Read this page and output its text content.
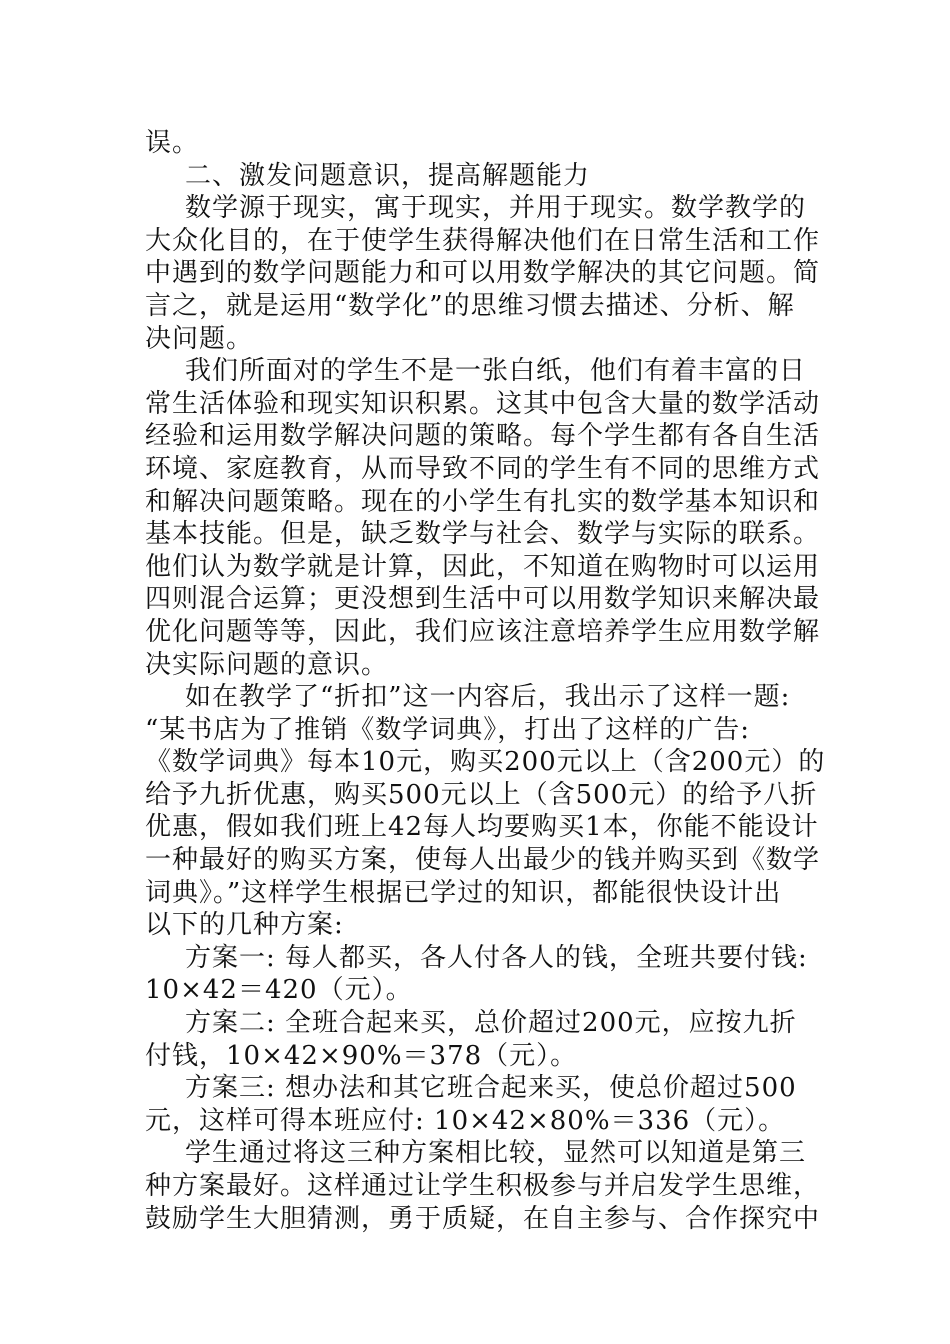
误。
二、激发问题意识，提高解题能力
数学源于现实，寓于现实，并用于现实。数学教学的
大众化目的，在于使学生获得解决他们在日常生活和工作
中遇到的数学问题能力和可以用数学解决的其它问题。简
言之，就是运用“数学化”的思维习惯去描述、分析、解
决问题。
我们所面对的学生不是一张白纸，他们有着丰富的日
常生活体验和现实知识积累。这其中包含大量的数学活动
经验和运用数学解决问题的策略。每个学生都有各自生活
环境、家庭教育，从而导致不同的学生有不同的思维方式
和解决问题策略。现在的小学生有扎实的数学基本知识和
基本技能。但是，缺乏数学与社会、数学与实际的联系。
他们认为数学就是计算，因此，不知道在购物时可以运用
四则混合运算；更没想到生活中可以用数学知识来解决最
优化问题等等，因此，我们应该注意培养学生应用数学解
决实际问题的意识。
如在教学了“折扣”这一内容后，我出示了这样一题:
“某书店为了推销《数学词典》，打出了这样的广告:
《数学词典》每本10元，购买200元以上（含200元）的
给予九折优惠，购买500元以上（含500元）的给予八折
优惠，假如我们班上42每人均要购买1本，你能不能设计
一种最好的购买方案，使每人出最少的钱并购买到《数学
词典》。”这样学生根据已学过的知识，都能很快设计出
以下的几种方案:
方案一: 每人都买，各人付各人的钱，全班共要付钱:
10×42＝420（元）。
方案二: 全班合起来买，总价超过200元，应按九折
付钱，10×42×90%＝378（元）。
方案三: 想办法和其它班合起来买，使总价超过500
元，这样可得本班应付: 10×42×80%＝336（元）。
学生通过将这三种方案相比较，显然可以知道是第三
种方案最好。这样通过让学生积极参与并启发学生思维，
鼓励学生大胆猜测，勇于质疑，在自主参与、合作探究中
